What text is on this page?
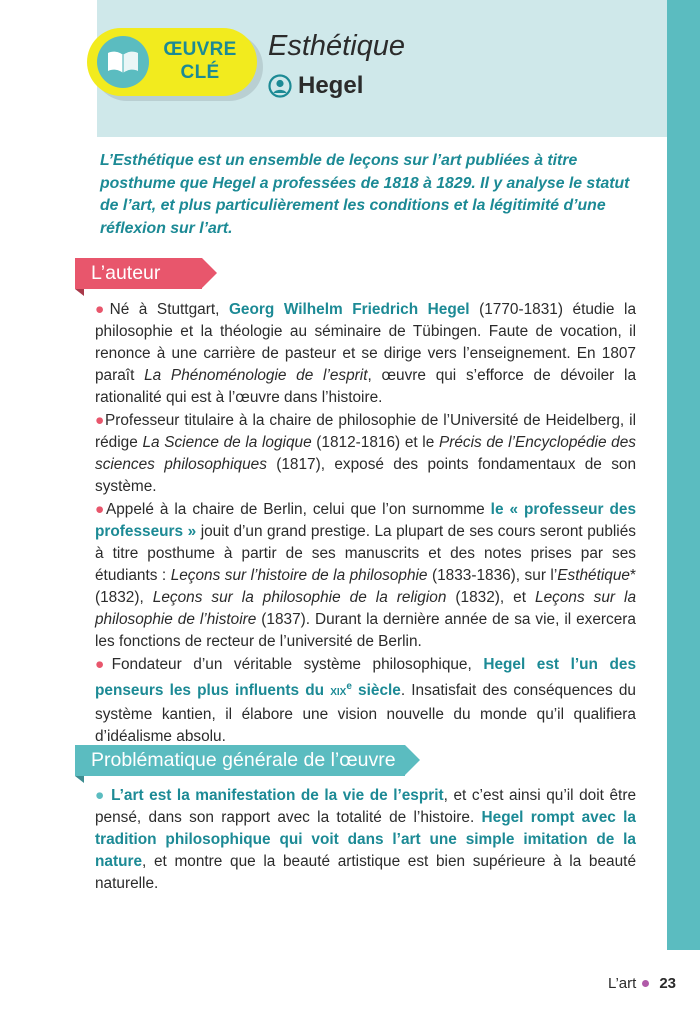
ŒUVRE
CLÉ
Esthétique
Hegel
L’Esthétique est un ensemble de leçons sur l’art publiées à titre posthume que Hegel a professées de 1818 à 1829. Il y analyse le statut de l’art, et plus particulièrement les conditions et la légitimité d’une réflexion sur l’art.
L’auteur

●Né à Stuttgart, Georg Wilhelm Friedrich Hegel (1770-1831) étudie la philosophie et la théologie au séminaire de Tübingen. Faute de vocation, il renonce à une carrière de pasteur et se dirige vers l’enseignement. En 1807 paraît La Phénoménologie de l’esprit, œuvre qui s’efforce de dévoiler la rationalité qui est à l’œuvre dans l’histoire.

●Professeur titulaire à la chaire de philosophie de l’Université de Heidelberg, il rédige La Science de la logique (1812-1816) et le Précis de l’Encyclopédie des sciences philosophiques (1817), exposé des points fondamentaux de son système.

●Appelé à la chaire de Berlin, celui que l’on surnomme le « professeur des professeurs » jouit d’un grand prestige. La plupart de ses cours seront publiés à titre posthume à partir de ses manuscrits et des notes prises par ses étudiants : Leçons sur l’histoire de la philosophie (1833-1836), sur l’Esthétique* (1832), Leçons sur la philosophie de la religion (1832), et Leçons sur la philosophie de l’histoire (1837). Durant la dernière année de sa vie, il exercera les fonctions de recteur de l’université de Berlin.

●Fondateur d’un véritable système philosophique, Hegel est l’un des penseurs les plus influents du XIXe siècle. Insatisfait des conséquences du système kantien, il élabore une vision nouvelle du monde qu’il qualifiera d’idéalisme absolu.

Problématique générale de l’œuvre

● L’art est la manifestation de la vie de l’esprit, et c’est ainsi qu’il doit être pensé, dans son rapport avec la totalité de l’histoire. Hegel rompt avec la tradition philosophique qui voit dans l’art une simple imitation de la nature, et montre que la beauté artistique est bien supérieure à la beauté naturelle.

L’art 23
